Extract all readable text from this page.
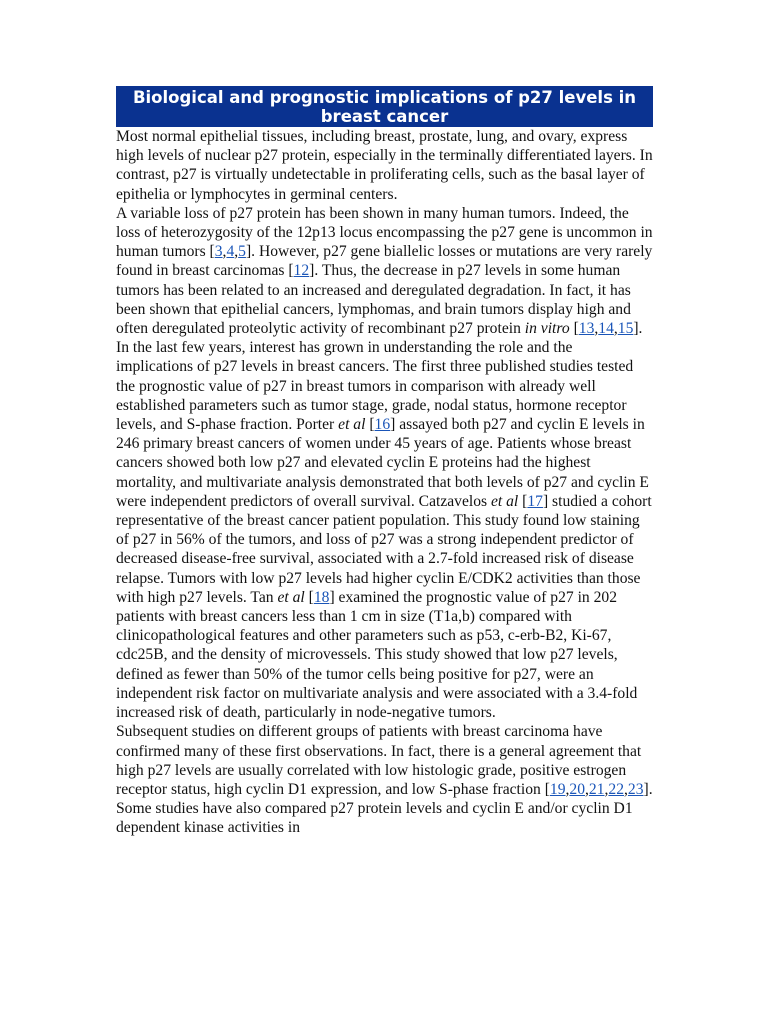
Biological and prognostic implications of p27 levels in breast cancer

Most normal epithelial tissues, including breast, prostate, lung, and ovary, express high levels of nuclear p27 protein, especially in the terminally differentiated layers. In contrast, p27 is virtually undetectable in proliferating cells, such as the basal layer of epithelia or lymphocytes in germinal centers.

A variable loss of p27 protein has been shown in many human tumors. Indeed, the loss of heterozygosity of the 12p13 locus encompassing the p27 gene is uncommon in human tumors [3,4,5]. However, p27 gene biallelic losses or mutations are very rarely found in breast carcinomas [12]. Thus, the decrease in p27 levels in some human tumors has been related to an increased and deregulated degradation. In fact, it has been shown that epithelial cancers, lymphomas, and brain tumors display high and often deregulated proteolytic activity of recombinant p27 protein in vitro [13,14,15].

In the last few years, interest has grown in understanding the role and the implications of p27 levels in breast cancers. The first three published studies tested the prognostic value of p27 in breast tumors in comparison with already well established parameters such as tumor stage, grade, nodal status, hormone receptor levels, and S-phase fraction. Porter et al [16] assayed both p27 and cyclin E levels in 246 primary breast cancers of women under 45 years of age. Patients whose breast cancers showed both low p27 and elevated cyclin E proteins had the highest mortality, and multivariate analysis demonstrated that both levels of p27 and cyclin E were independent predictors of overall survival. Catzavelos et al [17] studied a cohort representative of the breast cancer patient population. This study found low staining of p27 in 56% of the tumors, and loss of p27 was a strong independent predictor of decreased disease-free survival, associated with a 2.7-fold increased risk of disease relapse. Tumors with low p27 levels had higher cyclin E/CDK2 activities than those with high p27 levels. Tan et al [18] examined the prognostic value of p27 in 202 patients with breast cancers less than 1 cm in size (T1a,b) compared with clinicopathological features and other parameters such as p53, c-erb-B2, Ki-67, cdc25B, and the density of microvessels. This study showed that low p27 levels, defined as fewer than 50% of the tumor cells being positive for p27, were an independent risk factor on multivariate analysis and were associated with a 3.4-fold increased risk of death, particularly in node-negative tumors.

Subsequent studies on different groups of patients with breast carcinoma have confirmed many of these first observations. In fact, there is a general agreement that high p27 levels are usually correlated with low histologic grade, positive estrogen receptor status, high cyclin D1 expression, and low S-phase fraction [19,20,21,22,23]. Some studies have also compared p27 protein levels and cyclin E and/or cyclin D1 dependent kinase activities in
